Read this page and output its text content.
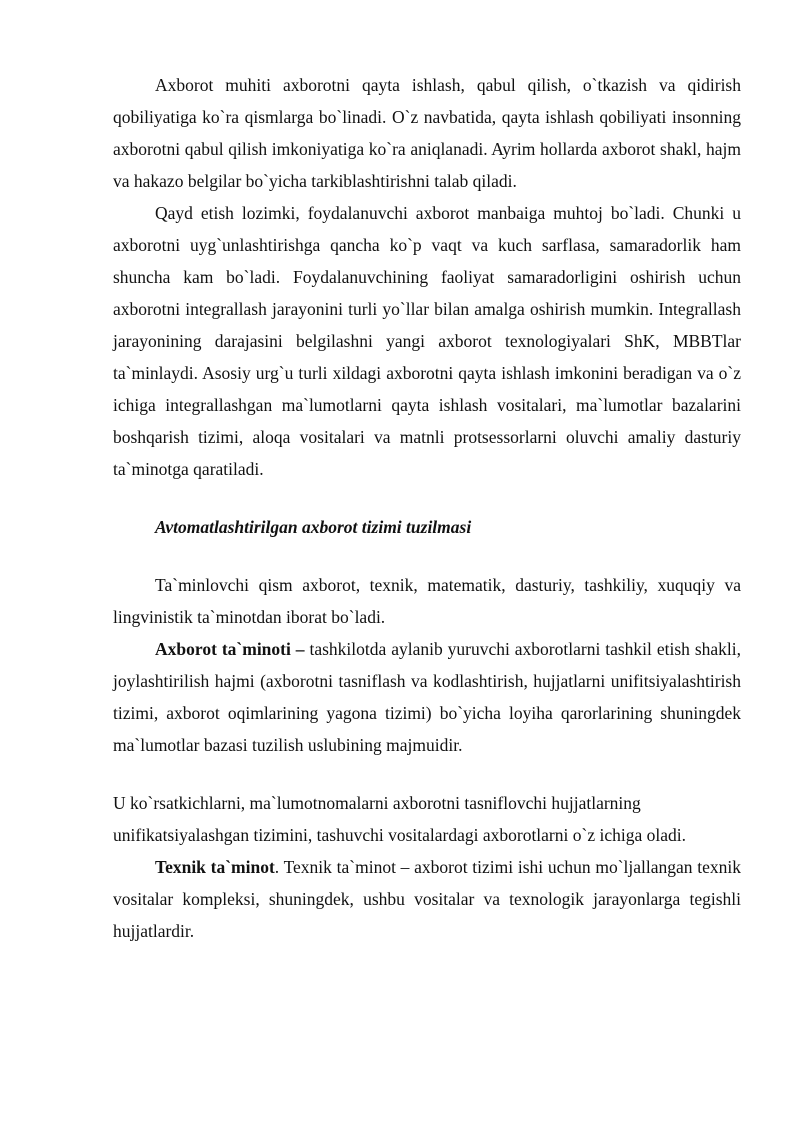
Axborot muhiti axborotni qayta ishlash, qabul qilish, o`tkazish va qidirish qobiliyatiga ko`ra qismlarga bo`linadi. O`z navbatida, qayta ishlash qobiliyati insonning axborotni qabul qilish imkoniyatiga ko`ra aniqlanadi. Ayrim hollarda axborot shakl, hajm va hakazo belgilar bo`yicha tarkiblashtirishni talab qiladi.

Qayd etish lozimki, foydalanuvchi axborot manbaiga muhtoj bo`ladi. Chunki u axborotni uyg`unlashtirishga qancha ko`p vaqt va kuch sarflasa, samaradorlik ham shuncha kam bo`ladi. Foydalanuvchining faoliyat samaradorligini oshirish uchun axborotni integrallash jarayonini turli yo`llar bilan amalga oshirish mumkin. Integrallash jarayonining darajasini belgilashni yangi axborot texnologiyalari ShK, MBBTlar ta`minlaydi. Asosiy urg`u turli xildagi axborotni qayta ishlash imkonini beradigan va o`z ichiga integrallashgan ma`lumotlarni qayta ishlash vositalari, ma`lumotlar bazalarini boshqarish tizimi, aloqa vositalari va matnli protsessorlarni oluvchi amaliy dasturiy ta`minotga qaratiladi.

Avtomatlashtirilgan axborot tizimi tuzilmasi

Ta`minlovchi qism axborot, texnik, matematik, dasturiy, tashkiliy, xuquqiy va lingvinistik ta`minotdan iborat bo`ladi.

Axborot ta`minoti – tashkilotda aylanib yuruvchi axborotlarni tashkil etish shakli, joylashtirilish hajmi (axborotni tasniflash va kodlashtirish, hujjatlarni unifitsiyalashtirish tizimi, axborot oqimlarining yagona tizimi) bo`yicha loyiha qarorlarining shuningdek ma`lumotlar bazasi tuzilish uslubining majmuidir.

U ko`rsatkichlarni, ma`lumotnomalarni axborotni tasniflovchi hujjatlarning

unifikatsiyalashgan tizimini, tashuvchi vositalardagi axborotlarni o`z ichiga oladi.

Texnik ta`minot. Texnik ta`minot – axborot tizimi ishi uchun mo`ljallangan texnik vositalar kompleksi, shuningdek, ushbu vositalar va texnologik jarayonlarga tegishli hujjatlardir.
